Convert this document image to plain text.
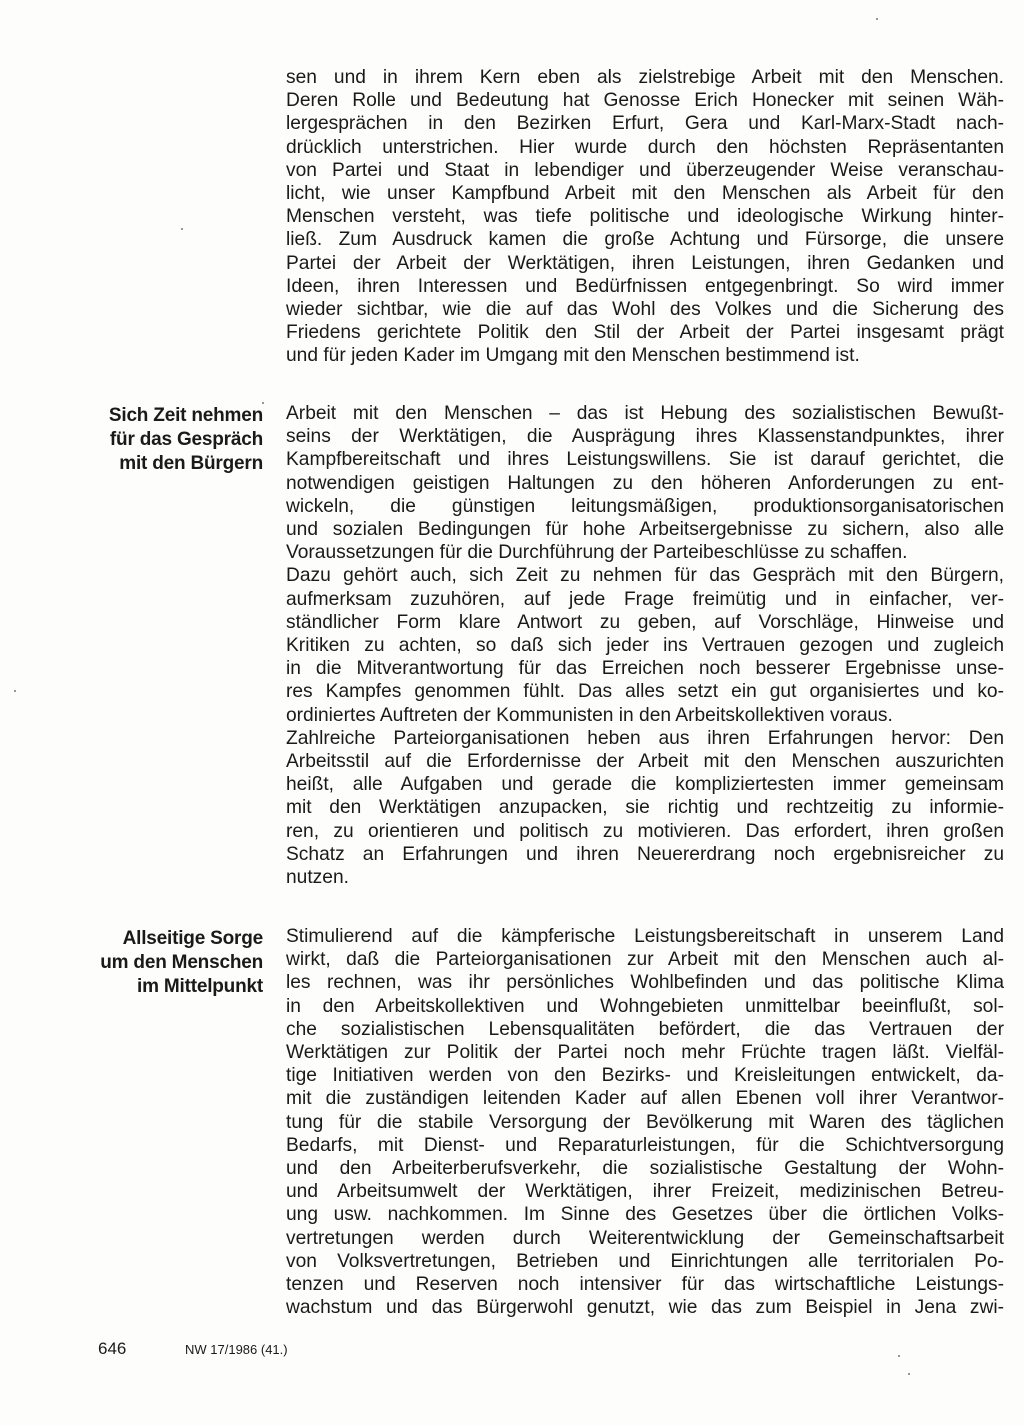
sen und in ihrem Kern eben als zielstrebige Arbeit mit den Menschen.
Deren Rolle und Bedeutung hat Genosse Erich Honecker mit seinen Wäh-
lergesprächen in den Bezirken Erfurt, Gera und Karl-Marx-Stadt nach-
drücklich unterstrichen. Hier wurde durch den höchsten Repräsentanten
von Partei und Staat in lebendiger und überzeugender Weise veranschau-
licht, wie unser Kampfbund Arbeit mit den Menschen als Arbeit für den
Menschen versteht, was tiefe politische und ideologische Wirkung hinter-
ließ. Zum Ausdruck kamen die große Achtung und Fürsorge, die unsere
Partei der Arbeit der Werktätigen, ihren Leistungen, ihren Gedanken und
Ideen, ihren Interessen und Bedürfnissen entgegenbringt. So wird immer
wieder sichtbar, wie die auf das Wohl des Volkes und die Sicherung des
Friedens gerichtete Politik den Stil der Arbeit der Partei insgesamt prägt
und für jeden Kader im Umgang mit den Menschen bestimmend ist.
Sich Zeit nehmen
für das Gespräch
mit den Bürgern
Arbeit mit den Menschen – das ist Hebung des sozialistischen Bewußt-
seins der Werktätigen, die Ausprägung ihres Klassenstandpunktes, ihrer
Kampfbereitschaft und ihres Leistungswillens. Sie ist darauf gerichtet, die
notwendigen geistigen Haltungen zu den höheren Anforderungen zu ent-
wickeln, die günstigen leitungsmäßigen, produktionsorganisatorischen
und sozialen Bedingungen für hohe Arbeitsergebnisse zu sichern, also alle
Voraussetzungen für die Durchführung der Parteibeschlüsse zu schaffen.
Dazu gehört auch, sich Zeit zu nehmen für das Gespräch mit den Bürgern,
aufmerksam zuzuhören, auf jede Frage freimütig und in einfacher, ver-
ständlicher Form klare Antwort zu geben, auf Vorschläge, Hinweise und
Kritiken zu achten, so daß sich jeder ins Vertrauen gezogen und zugleich
in die Mitverantwortung für das Erreichen noch besserer Ergebnisse unse-
res Kampfes genommen fühlt. Das alles setzt ein gut organisiertes und ko-
ordiniertes Auftreten der Kommunisten in den Arbeitskollektiven voraus.
Zahlreiche Parteiorganisationen heben aus ihren Erfahrungen hervor: Den
Arbeitsstil auf die Erfordernisse der Arbeit mit den Menschen auszurichten
heißt, alle Aufgaben und gerade die kompliziertesten immer gemeinsam
mit den Werktätigen anzupacken, sie richtig und rechtzeitig zu informie-
ren, zu orientieren und politisch zu motivieren. Das erfordert, ihren großen
Schatz an Erfahrungen und ihren Neuererdrang noch ergebnisreicher zu
nutzen.
Allseitige Sorge
um den Menschen
im Mittelpunkt
Stimulierend auf die kämpferische Leistungsbereitschaft in unserem Land
wirkt, daß die Parteiorganisationen zur Arbeit mit den Menschen auch al-
les rechnen, was ihr persönliches Wohlbefinden und das politische Klima
in den Arbeitskollektiven und Wohngebieten unmittelbar beeinflußt, sol-
che sozialistischen Lebensqualitäten befördert, die das Vertrauen der
Werktätigen zur Politik der Partei noch mehr Früchte tragen läßt. Vielfäl-
tige Initiativen werden von den Bezirks- und Kreisleitungen entwickelt, da-
mit die zuständigen leitenden Kader auf allen Ebenen voll ihrer Verantwor-
tung für die stabile Versorgung der Bevölkerung mit Waren des täglichen
Bedarfs, mit Dienst- und Reparaturleistungen, für die Schichtversorgung
und den Arbeiterberufsverkehr, die sozialistische Gestaltung der Wohn-
und Arbeitsumwelt der Werktätigen, ihrer Freizeit, medizinischen Betreu-
ung usw. nachkommen. Im Sinne des Gesetzes über die örtlichen Volks-
vertretungen werden durch Weiterentwicklung der Gemeinschaftsarbeit
von Volksvertretungen, Betrieben und Einrichtungen alle territorialen Po-
tenzen und Reserven noch intensiver für das wirtschaftliche Leistungs-
wachstum und das Bürgerwohl genutzt, wie das zum Beispiel in Jena zwi-
646	NW 17/1986 (41.)
